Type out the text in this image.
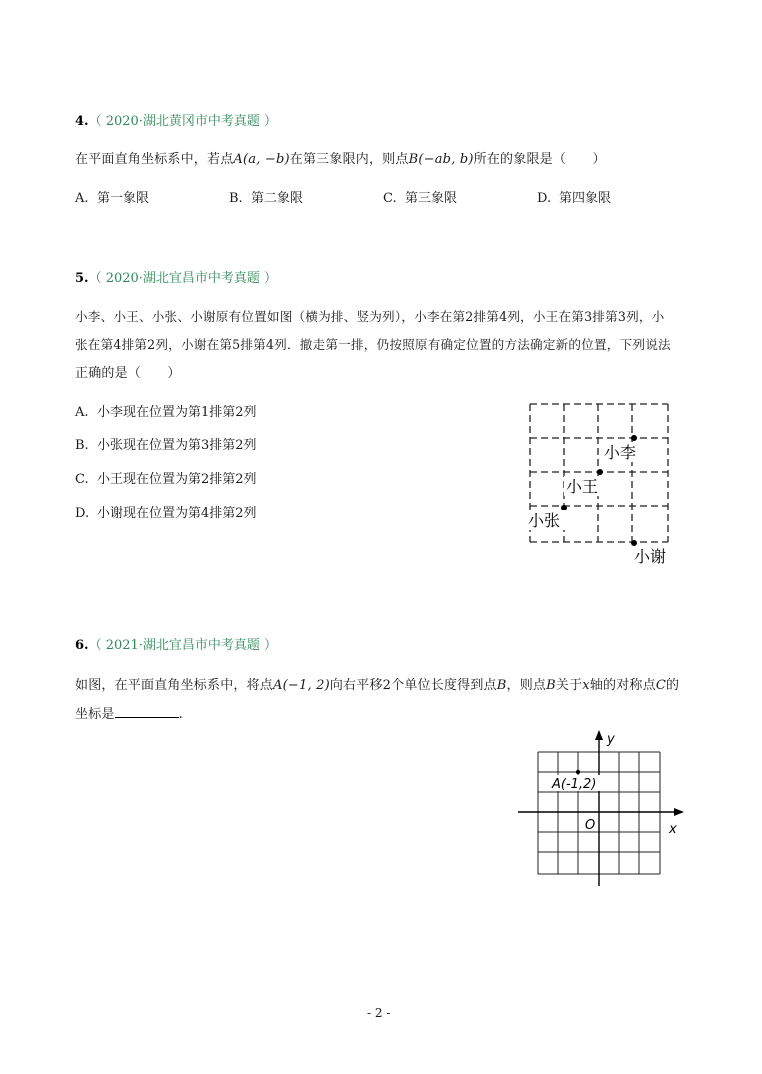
4.（ 2020·湖北黄冈市中考真题 ）
在平面直角坐标系中，若点A(a, −b)在第三象限内，则点B(−ab, b)所在的象限是（　　）
A. 第一象限	B. 第二象限	C. 第三象限	D. 第四象限
5.（ 2020·湖北宜昌市中考真题 ）
小李、小王、小张、小谢原有位置如图（横为排、竖为列），小李在第2排第4列，小王在第3排第3列，小
张在第4排第2列，小谢在第5排第4列．撤走第一排，仍按照原有确定位置的方法确定新的位置，下列说法
正确的是（　　）
A. 小李现在位置为第1排第2列
B. 小张现在位置为第3排第2列
C. 小王现在位置为第2排第2列
D. 小谢现在位置为第4排第2列
小李
小王
小张
小谢
6.（ 2021·湖北宜昌市中考真题 ）
如图，在平面直角坐标系中，将点A(−1, 2)向右平移2个单位长度得到点B，则点B关于x轴的对称点C的
坐标是	.
A(-1,2)
O	x
y
- 2 -
